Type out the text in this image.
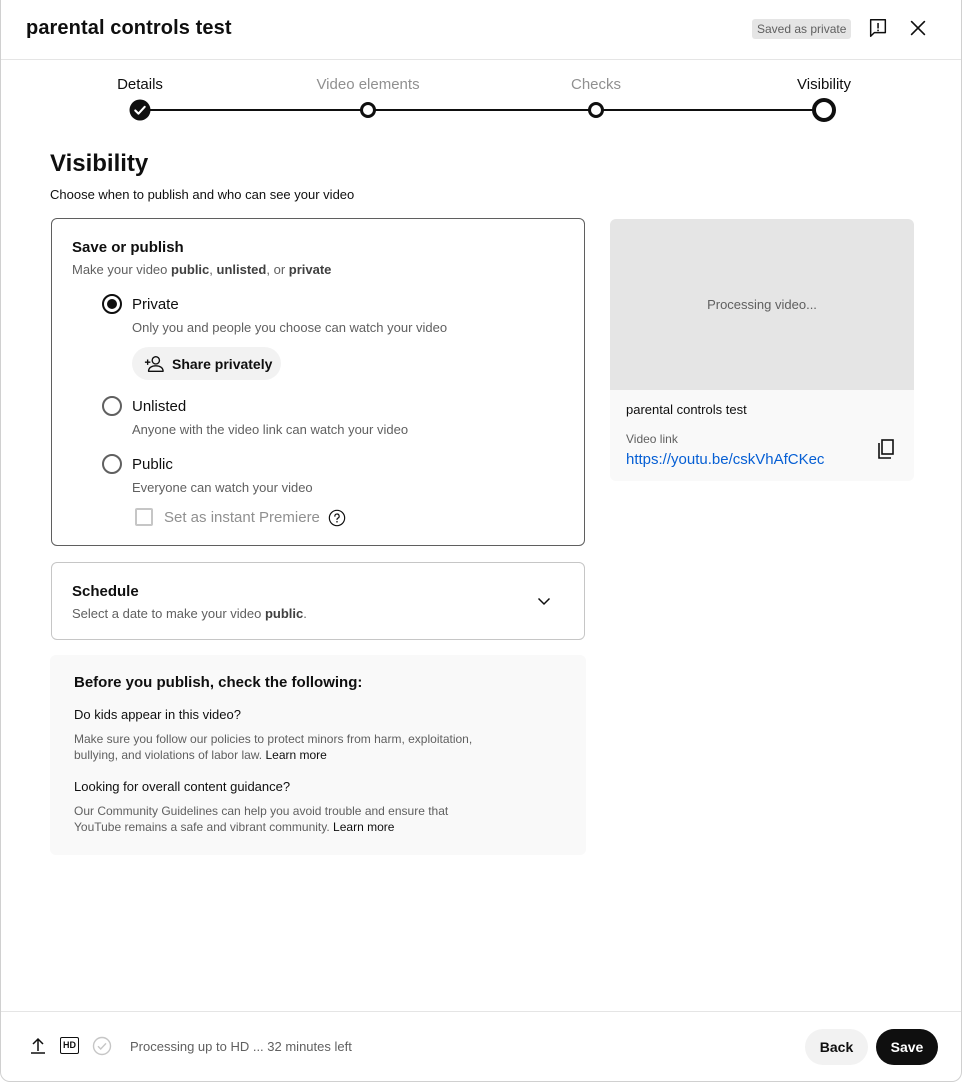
parental controls test	Saved as private
Details	Video elements	Checks	Visibility
Visibility
Choose when to publish and who can see your video
Save or publish
Make your video public, unlisted, or private
Private
Only you and people you choose can watch your video
Share privately
Unlisted
Anyone with the video link can watch your video
Public
Everyone can watch your video
Set as instant Premiere
Schedule
Select a date to make your video public.
Before you publish, check the following:
Do kids appear in this video?
Make sure you follow our policies to protect minors from harm, exploitation, bullying, and violations of labor law. Learn more
Looking for overall content guidance?
Our Community Guidelines can help you avoid trouble and ensure that YouTube remains a safe and vibrant community. Learn more
Processing video...
parental controls test
Video link
https://youtu.be/cskVhAfCKec
HD	Processing up to HD ... 32 minutes left	Back	Save
